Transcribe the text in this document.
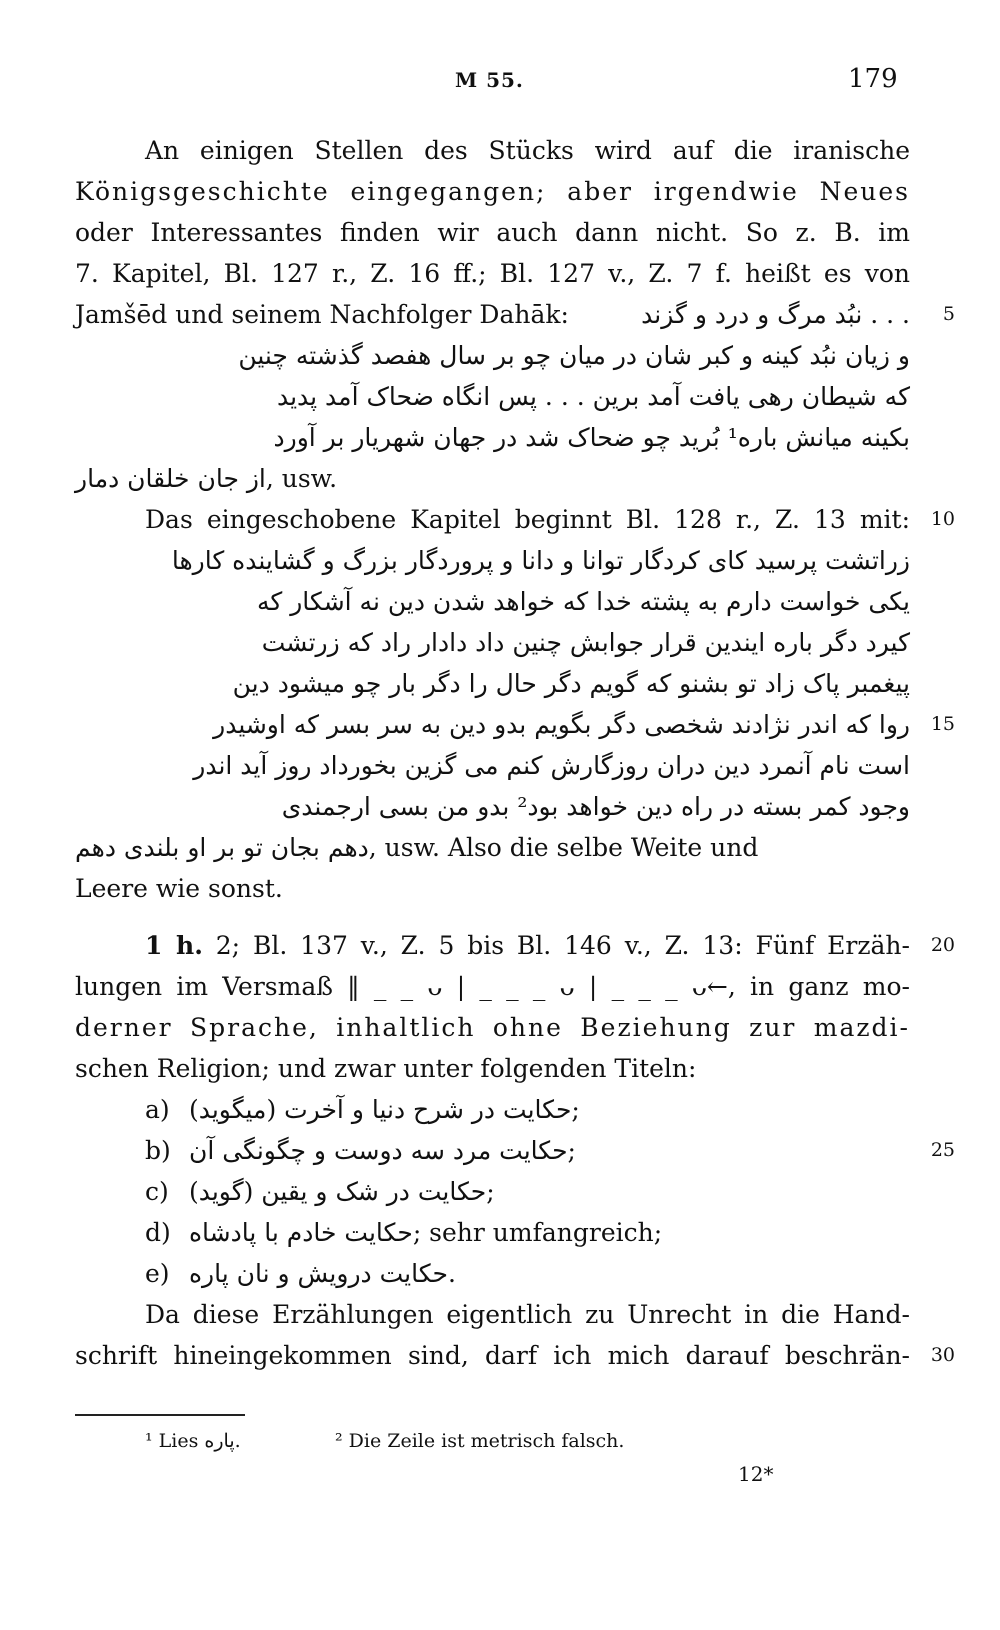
M 55.	179
An einigen Stellen des Stücks wird auf die iranische
Königsgeschichte eingegangen; aber irgendwie Neues
oder Interessantes finden wir auch dann nicht. So z. B. im
7. Kapitel, Bl. 127 r., Z. 16 ff.; Bl. 127 v., Z. 7 f. heißt es von
Jamšēd und seinem Nachfolger Dahāk:	. . . نبُد مرگ و درد و گزند 5
و زیان نبُد کینه و کبر شان در میان چو بر سال هفصد گذشته چنین
که شیطان رهی یافت آمد برین . . . پس انگاه ضحاک آمد پدید
بکینه میانش باره¹ بُرید چو ضحاک شد در جهان شهریار بر آورد
از جان خلقان دمار, usw.
Das eingeschobene Kapitel beginnt Bl. 128 r., Z. 13 mit: 10
زراتشت پرسید کای کردگار توانا و دانا و پروردگار بزرگ و گشاینده کارها
یکی خواست دارم به پشته خدا که خواهد شدن دین نه آشکار که
کیرد دگر باره ایندین قرار جوابش چنین داد دادار راد که زرتشت
پیغمبر پاک زاد تو بشنو که گویم دگر حال را دگر بار چو میشود دین
روا که اندر نژادند شخصی دگر بگویم بدو دین به سر بسر که اوشیدر 15
است نام آنمرد دین دران روزگارش کنم می گزین بخورداد روز آید اندر
وجود کمر بسته در راه دین خواهد بود² بدو من بسی ارجمندی
دهم بجان تو بر او بلندی دهم, usw. Also die selbe Weite und
Leere wie sonst.
1 h. 2; Bl. 137 v., Z. 5 bis Bl. 146 v., Z. 13: Fünf Erzäh- 20
lungen im Versmaß ‖ _ _ ᴗ | _ _ _ ᴗ | _ _ _ ᴗ←, in ganz mo-
derner Sprache, inhaltlich ohne Beziehung zur mazdi-
schen Religion; und zwar unter folgenden Titeln:
a) حکایت در شرح دنیا و آخرت (میگوید);
b) حکایت مرد سه دوست و چگونگی آن;	25
c) حکایت در شک و یقین (گوید);
d) حکایت خادم با پادشاه; sehr umfangreich;
e) حکایت درویش و نان پاره.
Da diese Erzählungen eigentlich zu Unrecht in die Hand-
schrift hineingekommen sind, darf ich mich darauf beschrän- 30
¹ Lies پاره.	² Die Zeile ist metrisch falsch.
12*
